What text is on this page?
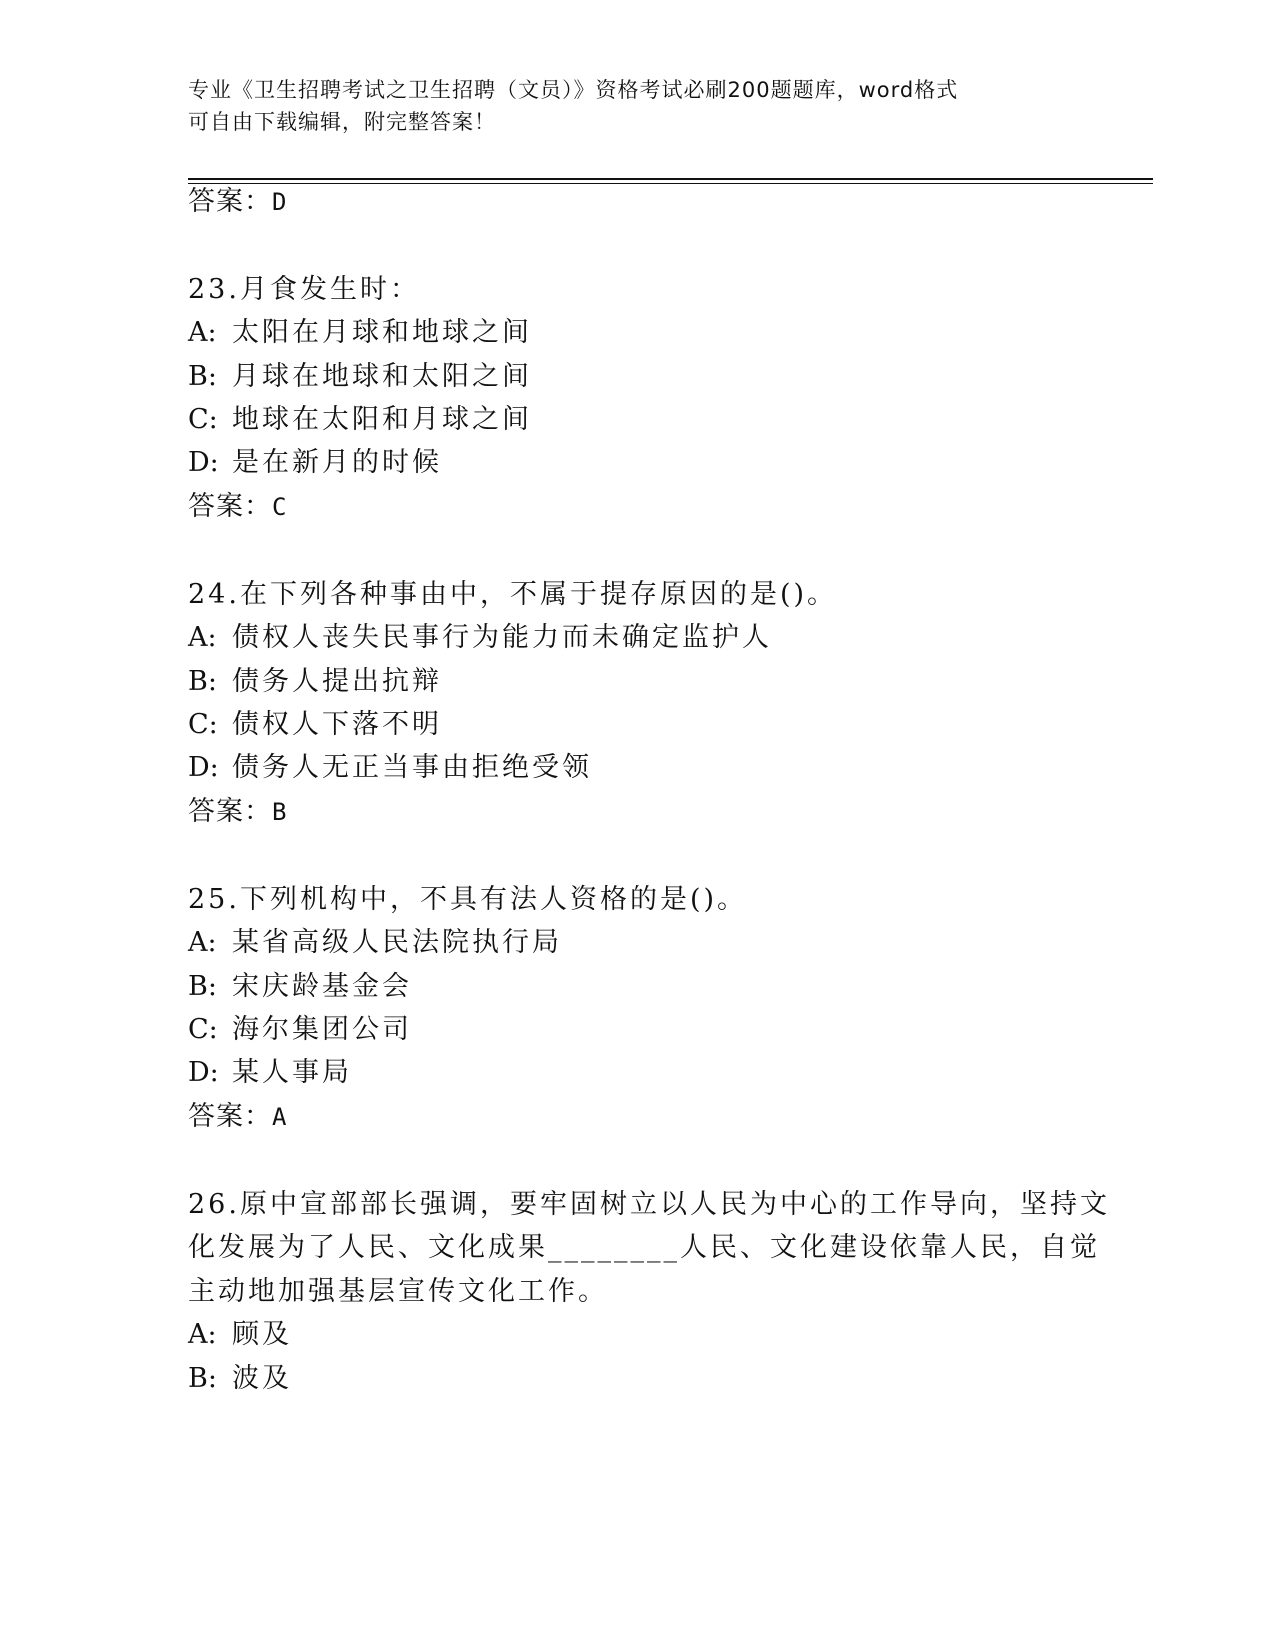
专业《卫生招聘考试之卫生招聘（文员）》资格考试必刷200题题库，word格式
可自由下载编辑，附完整答案！
答案：D
23.月食发生时：
A: 太阳在月球和地球之间
B: 月球在地球和太阳之间
C: 地球在太阳和月球之间
D: 是在新月的时候
答案：C
24.在下列各种事由中，不属于提存原因的是()。
A: 债权人丧失民事行为能力而未确定监护人
B: 债务人提出抗辩
C: 债权人下落不明
D: 债务人无正当事由拒绝受领
答案：B
25.下列机构中，不具有法人资格的是()。
A: 某省高级人民法院执行局
B: 宋庆龄基金会
C: 海尔集团公司
D: 某人事局
答案：A
26.原中宣部部长强调，要牢固树立以人民为中心的工作导向，坚持文
化发展为了人民、文化成果________人民、文化建设依靠人民，自觉
主动地加强基层宣传文化工作。
A: 顾及
B: 波及
